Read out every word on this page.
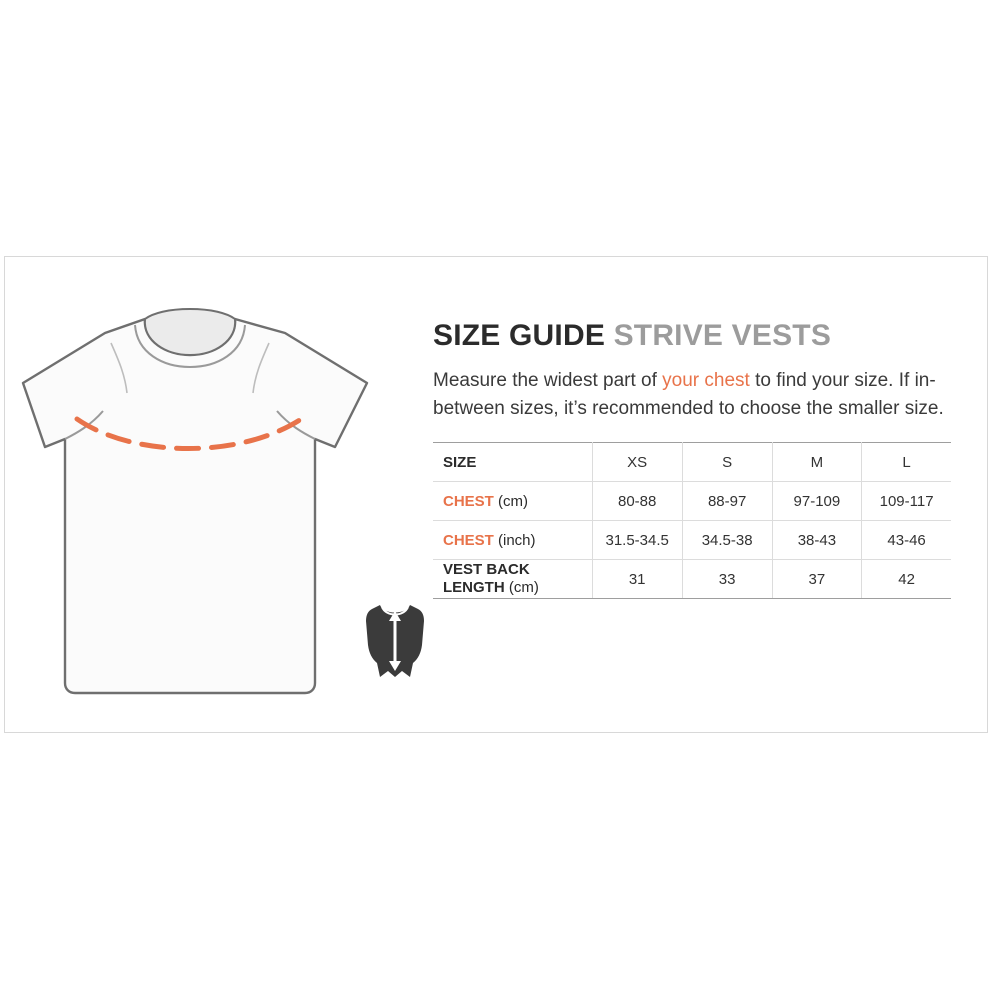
SIZE GUIDE STRIVE VESTS

Measure the widest part of your chest to find your size. If in-between sizes, it’s recommended to choose the smaller size.

SIZE	XS	S	M	L
CHEST (cm)	80-88	88-97	97-109	109-117
CHEST (inch)	31.5-34.5	34.5-38	38-43	43-46
VEST BACK LENGTH (cm)	31	33	37	42
